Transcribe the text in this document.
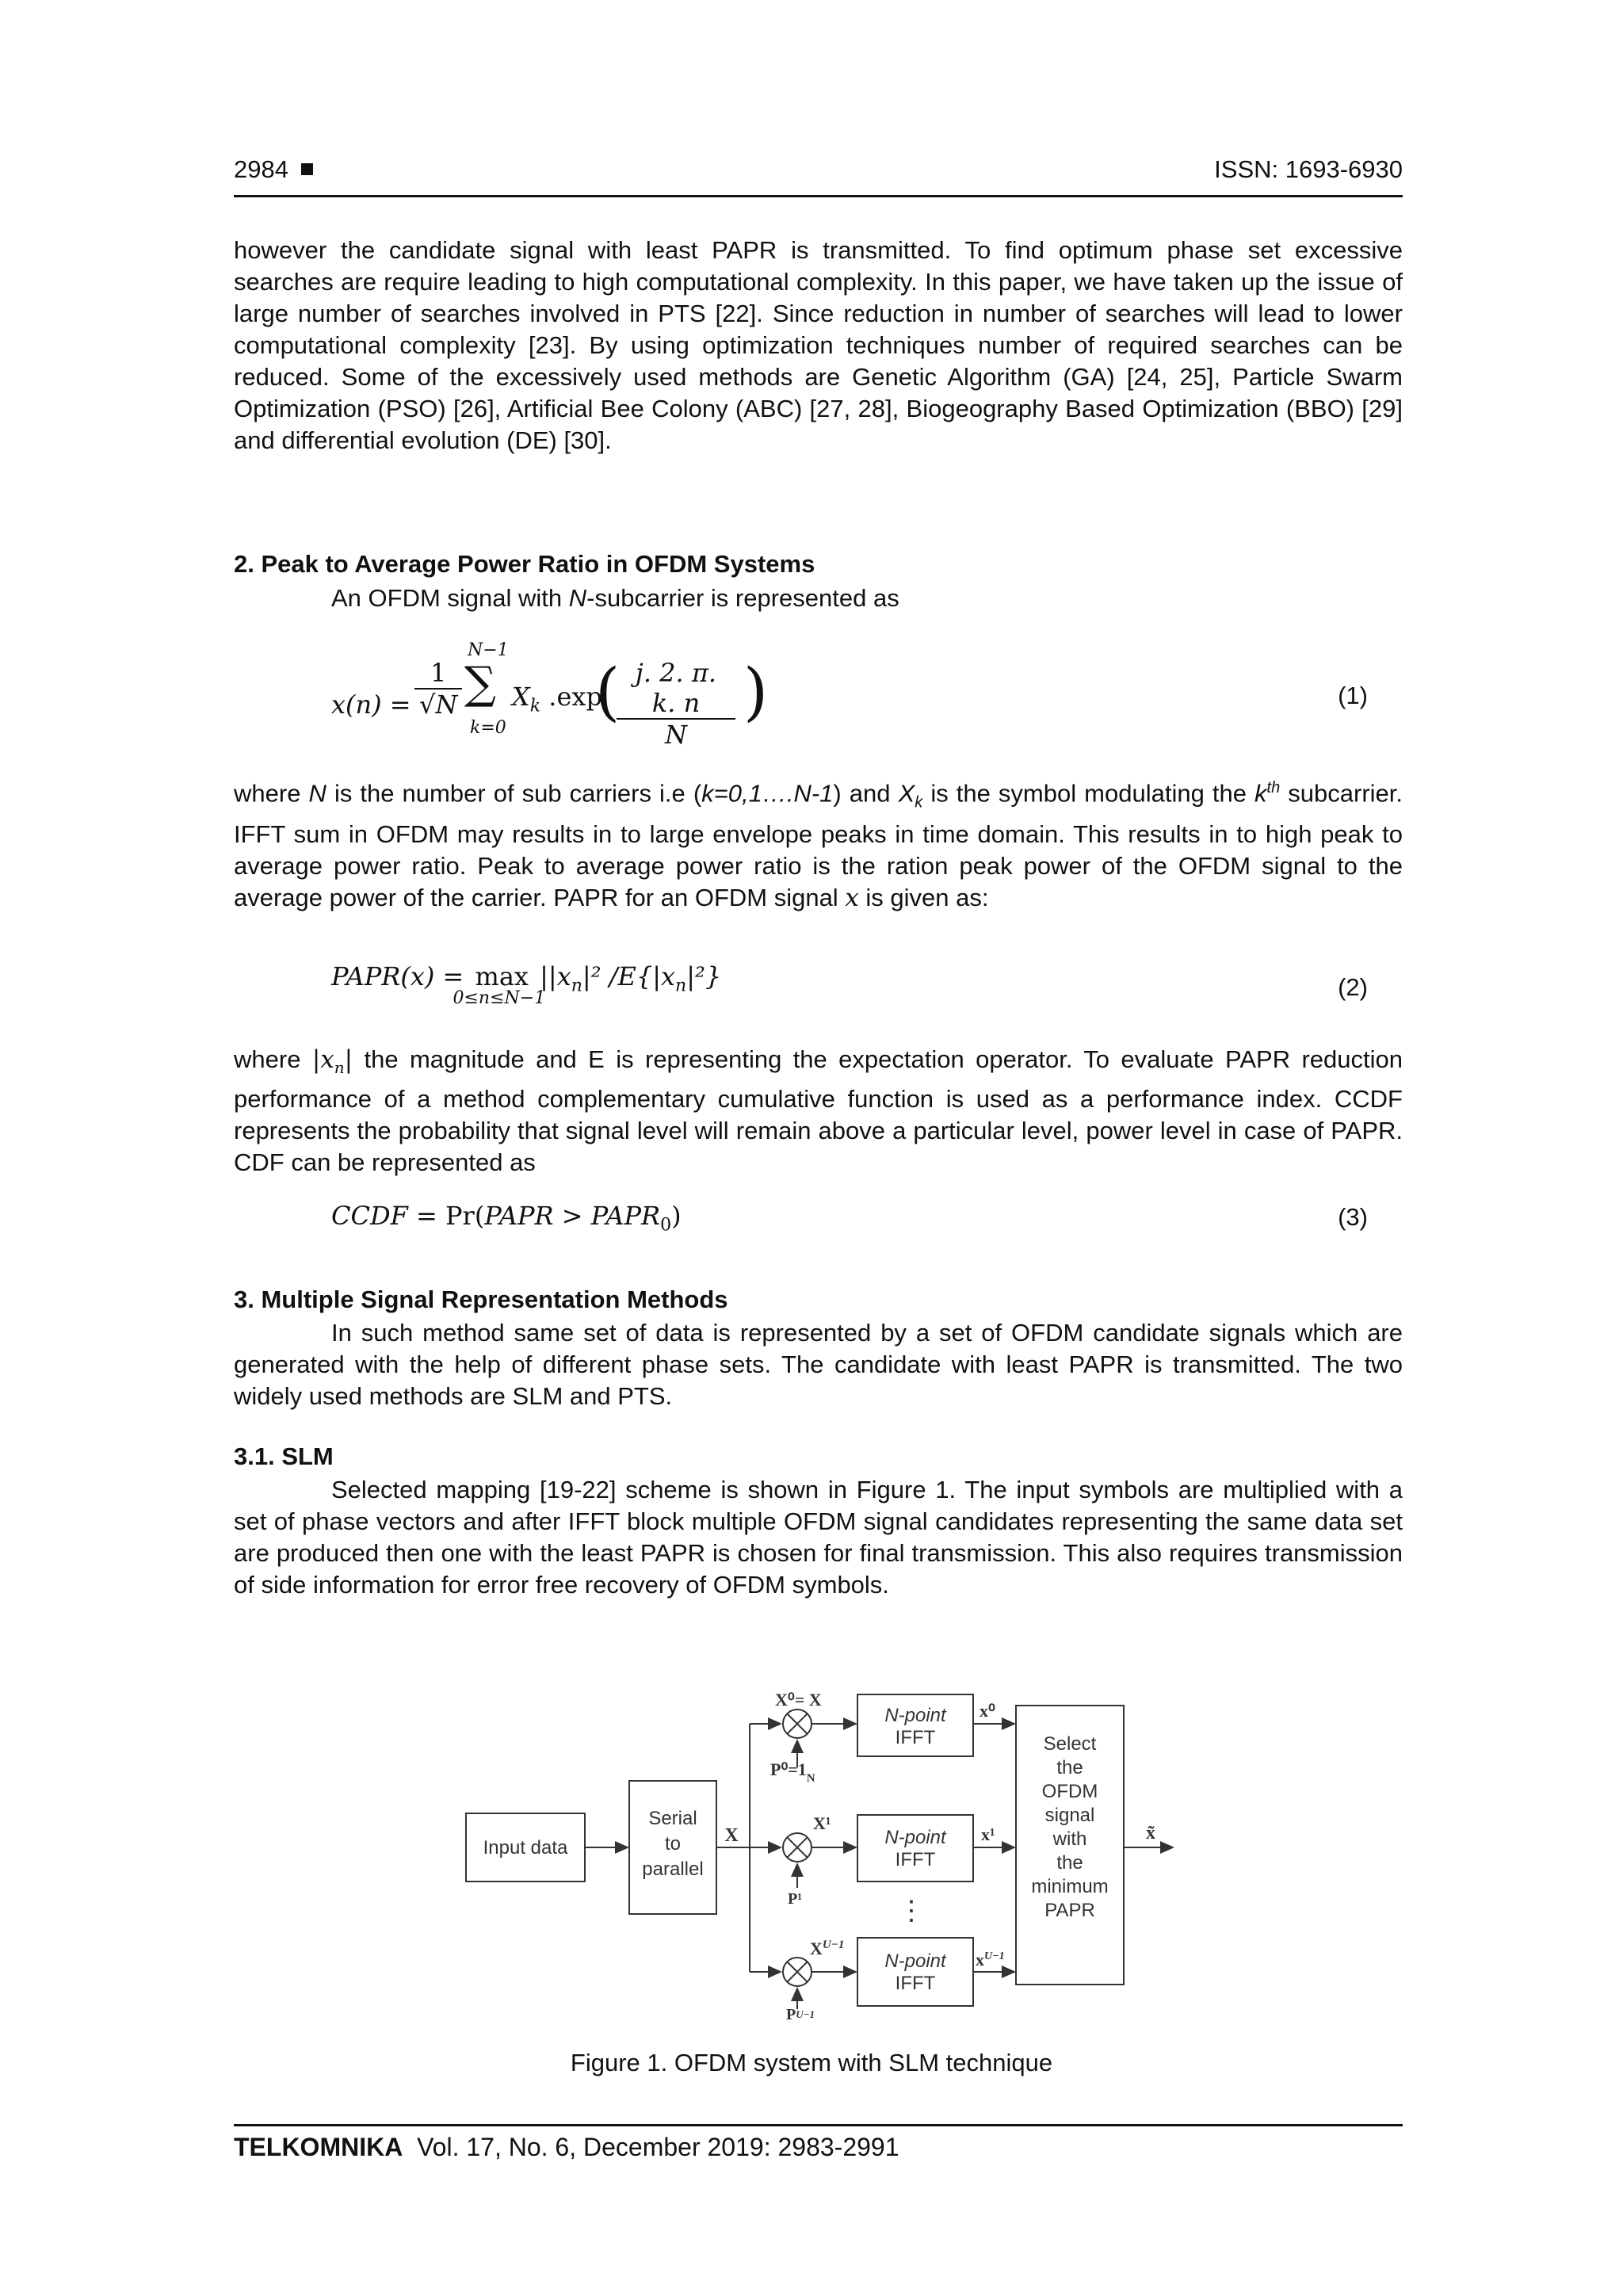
2984	ISSN: 1693-6930

however the candidate signal with least PAPR is transmitted. To find optimum phase set excessive searches are require leading to high computational complexity. In this paper, we have taken up the issue of large number of searches involved in PTS [22]. Since reduction in number of searches will lead to lower computational complexity [23]. By using optimization techniques number of required searches can be reduced. Some of the excessively used methods are Genetic Algorithm (GA) [24, 25], Particle Swarm Optimization (PSO) [26], Artificial Bee Colony (ABC) [27, 28], Biogeography Based Optimization (BBO) [29] and differential evolution (DE) [30].

2. Peak to Average Power Ratio in OFDM Systems

An OFDM signal with N-subcarrier is represented as

$x(n) = \frac{1}{√N}$
N−1
∑
k=0
$X_k$ .exp
( j. 2. π. k. n
N
)	(1)

where N is the number of sub carriers i.e (k=0,1….N-1) and $X_k$ is the symbol modulating the $k^{th}$ subcarrier. IFFT sum in OFDM may results in to large envelope peaks in time domain. This results in to high peak to average power ratio. Peak to average power ratio is the ration peak power of the OFDM signal to the average power of the carrier. PAPR for an OFDM signal x is given as:

PAPR(x) = max
0≤n≤N−1
$||x_n|^2$ $/E\{|x_n|^2\}$	(2)

where $|x_n|$ the magnitude and E is representing the expectation operator. To evaluate PAPR reduction performance of a method complementary cumulative function is used as a performance index. CCDF represents the probability that signal level will remain above a particular level, power level in case of PAPR. CDF can be represented as

CCDF = Pr(PAPR > $PAPR_0$)	(3)

3. Multiple Signal Representation Methods

In such method same set of data is represented by a set of OFDM candidate signals which are generated with the help of different phase sets. The candidate with least PAPR is transmitted. The two widely used methods are SLM and PTS.

3.1. SLM

Selected mapping [19-22] scheme is shown in Figure 1. The input symbols are multiplied with a set of phase vectors and after IFFT block multiple OFDM signal candidates representing the same data set are produced then one with the least PAPR is chosen for final transmission. This also requires transmission of side information for error free recovery of OFDM symbols.

Input data
Serial
to
parallel
X
X⁰= X
$P^0=1_N$
X¹
P¹
$X^{U-1}$
PU−1
N-point
IFFT
N-point
IFFT
N-point
IFFT
⋮
x⁰
x¹
$x^{U-1}$
Select
the
OFDM
signal
with
the
minimum
PAPR
x̃

Figure 1. OFDM system with SLM technique

TELKOMNIKA Vol. 17, No. 6, December 2019: 2983-2991
